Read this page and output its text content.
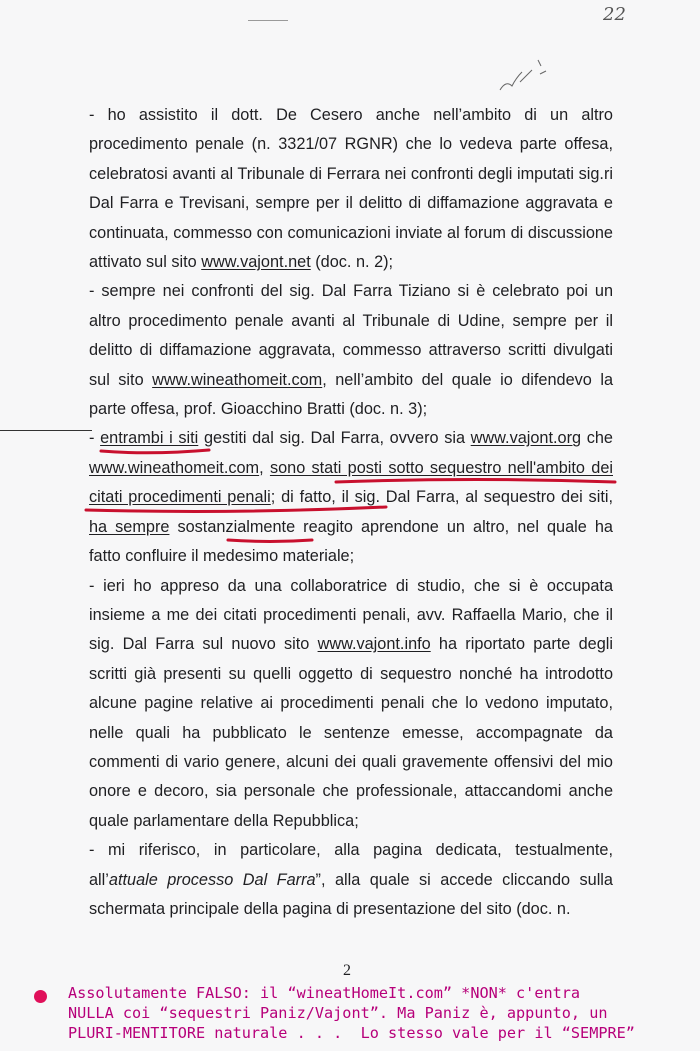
22

- ho assistito il dott. De Cesero anche nell’ambito di un altro procedimento penale (n. 3321/07 RGNR) che lo vedeva parte offesa, celebratosi avanti al Tribunale di Ferrara nei confronti degli imputati sig.ri Dal Farra e Trevisani, sempre per il delitto di diffamazione aggravata e continuata, commesso con comunicazioni inviate al forum di discussione attivato sul sito www.vajont.net (doc. n. 2);

- sempre nei confronti del sig. Dal Farra Tiziano si è celebrato poi un altro procedimento penale avanti al Tribunale di Udine, sempre per il delitto di diffamazione aggravata, commesso attraverso scritti divulgati sul sito www.wineathomeit.com, nell’ambito del quale io difendevo la parte offesa, prof. Gioacchino Bratti (doc. n. 3);

- entrambi i siti gestiti dal sig. Dal Farra, ovvero sia www.vajont.org che www.wineathomeit.com, sono stati posti sotto sequestro nell'ambito dei citati procedimenti penali; di fatto, il sig. Dal Farra, al sequestro dei siti, ha sempre sostanzialmente reagito aprendone un altro, nel quale ha fatto confluire il medesimo materiale;

- ieri ho appreso da una collaboratrice di studio, che si è occupata insieme a me dei citati procedimenti penali, avv. Raffaella Mario, che il sig. Dal Farra sul nuovo sito www.vajont.info ha riportato parte degli scritti già presenti su quelli oggetto di sequestro nonché ha introdotto alcune pagine relative ai procedimenti penali che lo vedono imputato, nelle quali ha pubblicato le sentenze emesse, accompagnate da commenti di vario genere, alcuni dei quali gravemente offensivi del mio onore e decoro, sia personale che professionale, attaccandomi anche quale parlamentare della Repubblica;

- mi riferisco, in particolare, alla pagina dedicata, testualmente, all’attuale processo Dal Farra”, alla quale si accede cliccando sulla schermata principale della pagina di presentazione del sito (doc. n.

2
Assolutamente FALSO: il “wineatHomeIt.com” *NON* c'entra
NULLA coi “sequestri Paniz/Vajont”. Ma Paniz è, appunto, un
PLURI-MENTITORE naturale . . .  Lo stesso vale per il “SEMPRE”
